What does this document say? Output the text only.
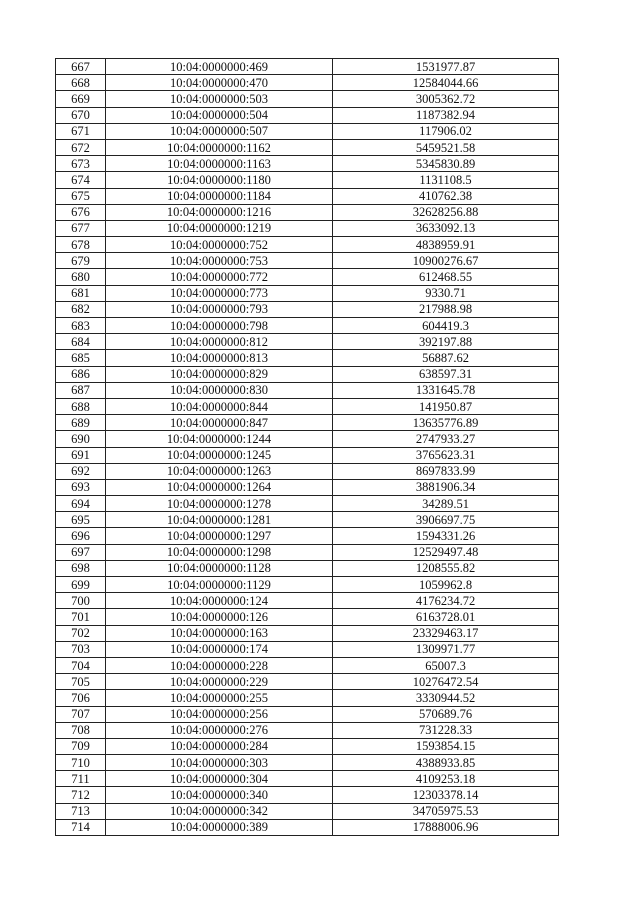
667	10:04:0000000:469	1531977.87
668	10:04:0000000:470	12584044.66
669	10:04:0000000:503	3005362.72
670	10:04:0000000:504	1187382.94
671	10:04:0000000:507	117906.02
672	10:04:0000000:1162	5459521.58
673	10:04:0000000:1163	5345830.89
674	10:04:0000000:1180	1131108.5
675	10:04:0000000:1184	410762.38
676	10:04:0000000:1216	32628256.88
677	10:04:0000000:1219	3633092.13
678	10:04:0000000:752	4838959.91
679	10:04:0000000:753	10900276.67
680	10:04:0000000:772	612468.55
681	10:04:0000000:773	9330.71
682	10:04:0000000:793	217988.98
683	10:04:0000000:798	604419.3
684	10:04:0000000:812	392197.88
685	10:04:0000000:813	56887.62
686	10:04:0000000:829	638597.31
687	10:04:0000000:830	1331645.78
688	10:04:0000000:844	141950.87
689	10:04:0000000:847	13635776.89
690	10:04:0000000:1244	2747933.27
691	10:04:0000000:1245	3765623.31
692	10:04:0000000:1263	8697833.99
693	10:04:0000000:1264	3881906.34
694	10:04:0000000:1278	34289.51
695	10:04:0000000:1281	3906697.75
696	10:04:0000000:1297	1594331.26
697	10:04:0000000:1298	12529497.48
698	10:04:0000000:1128	1208555.82
699	10:04:0000000:1129	1059962.8
700	10:04:0000000:124	4176234.72
701	10:04:0000000:126	6163728.01
702	10:04:0000000:163	23329463.17
703	10:04:0000000:174	1309971.77
704	10:04:0000000:228	65007.3
705	10:04:0000000:229	10276472.54
706	10:04:0000000:255	3330944.52
707	10:04:0000000:256	570689.76
708	10:04:0000000:276	731228.33
709	10:04:0000000:284	1593854.15
710	10:04:0000000:303	4388933.85
711	10:04:0000000:304	4109253.18
712	10:04:0000000:340	12303378.14
713	10:04:0000000:342	34705975.53
714	10:04:0000000:389	17888006.96
